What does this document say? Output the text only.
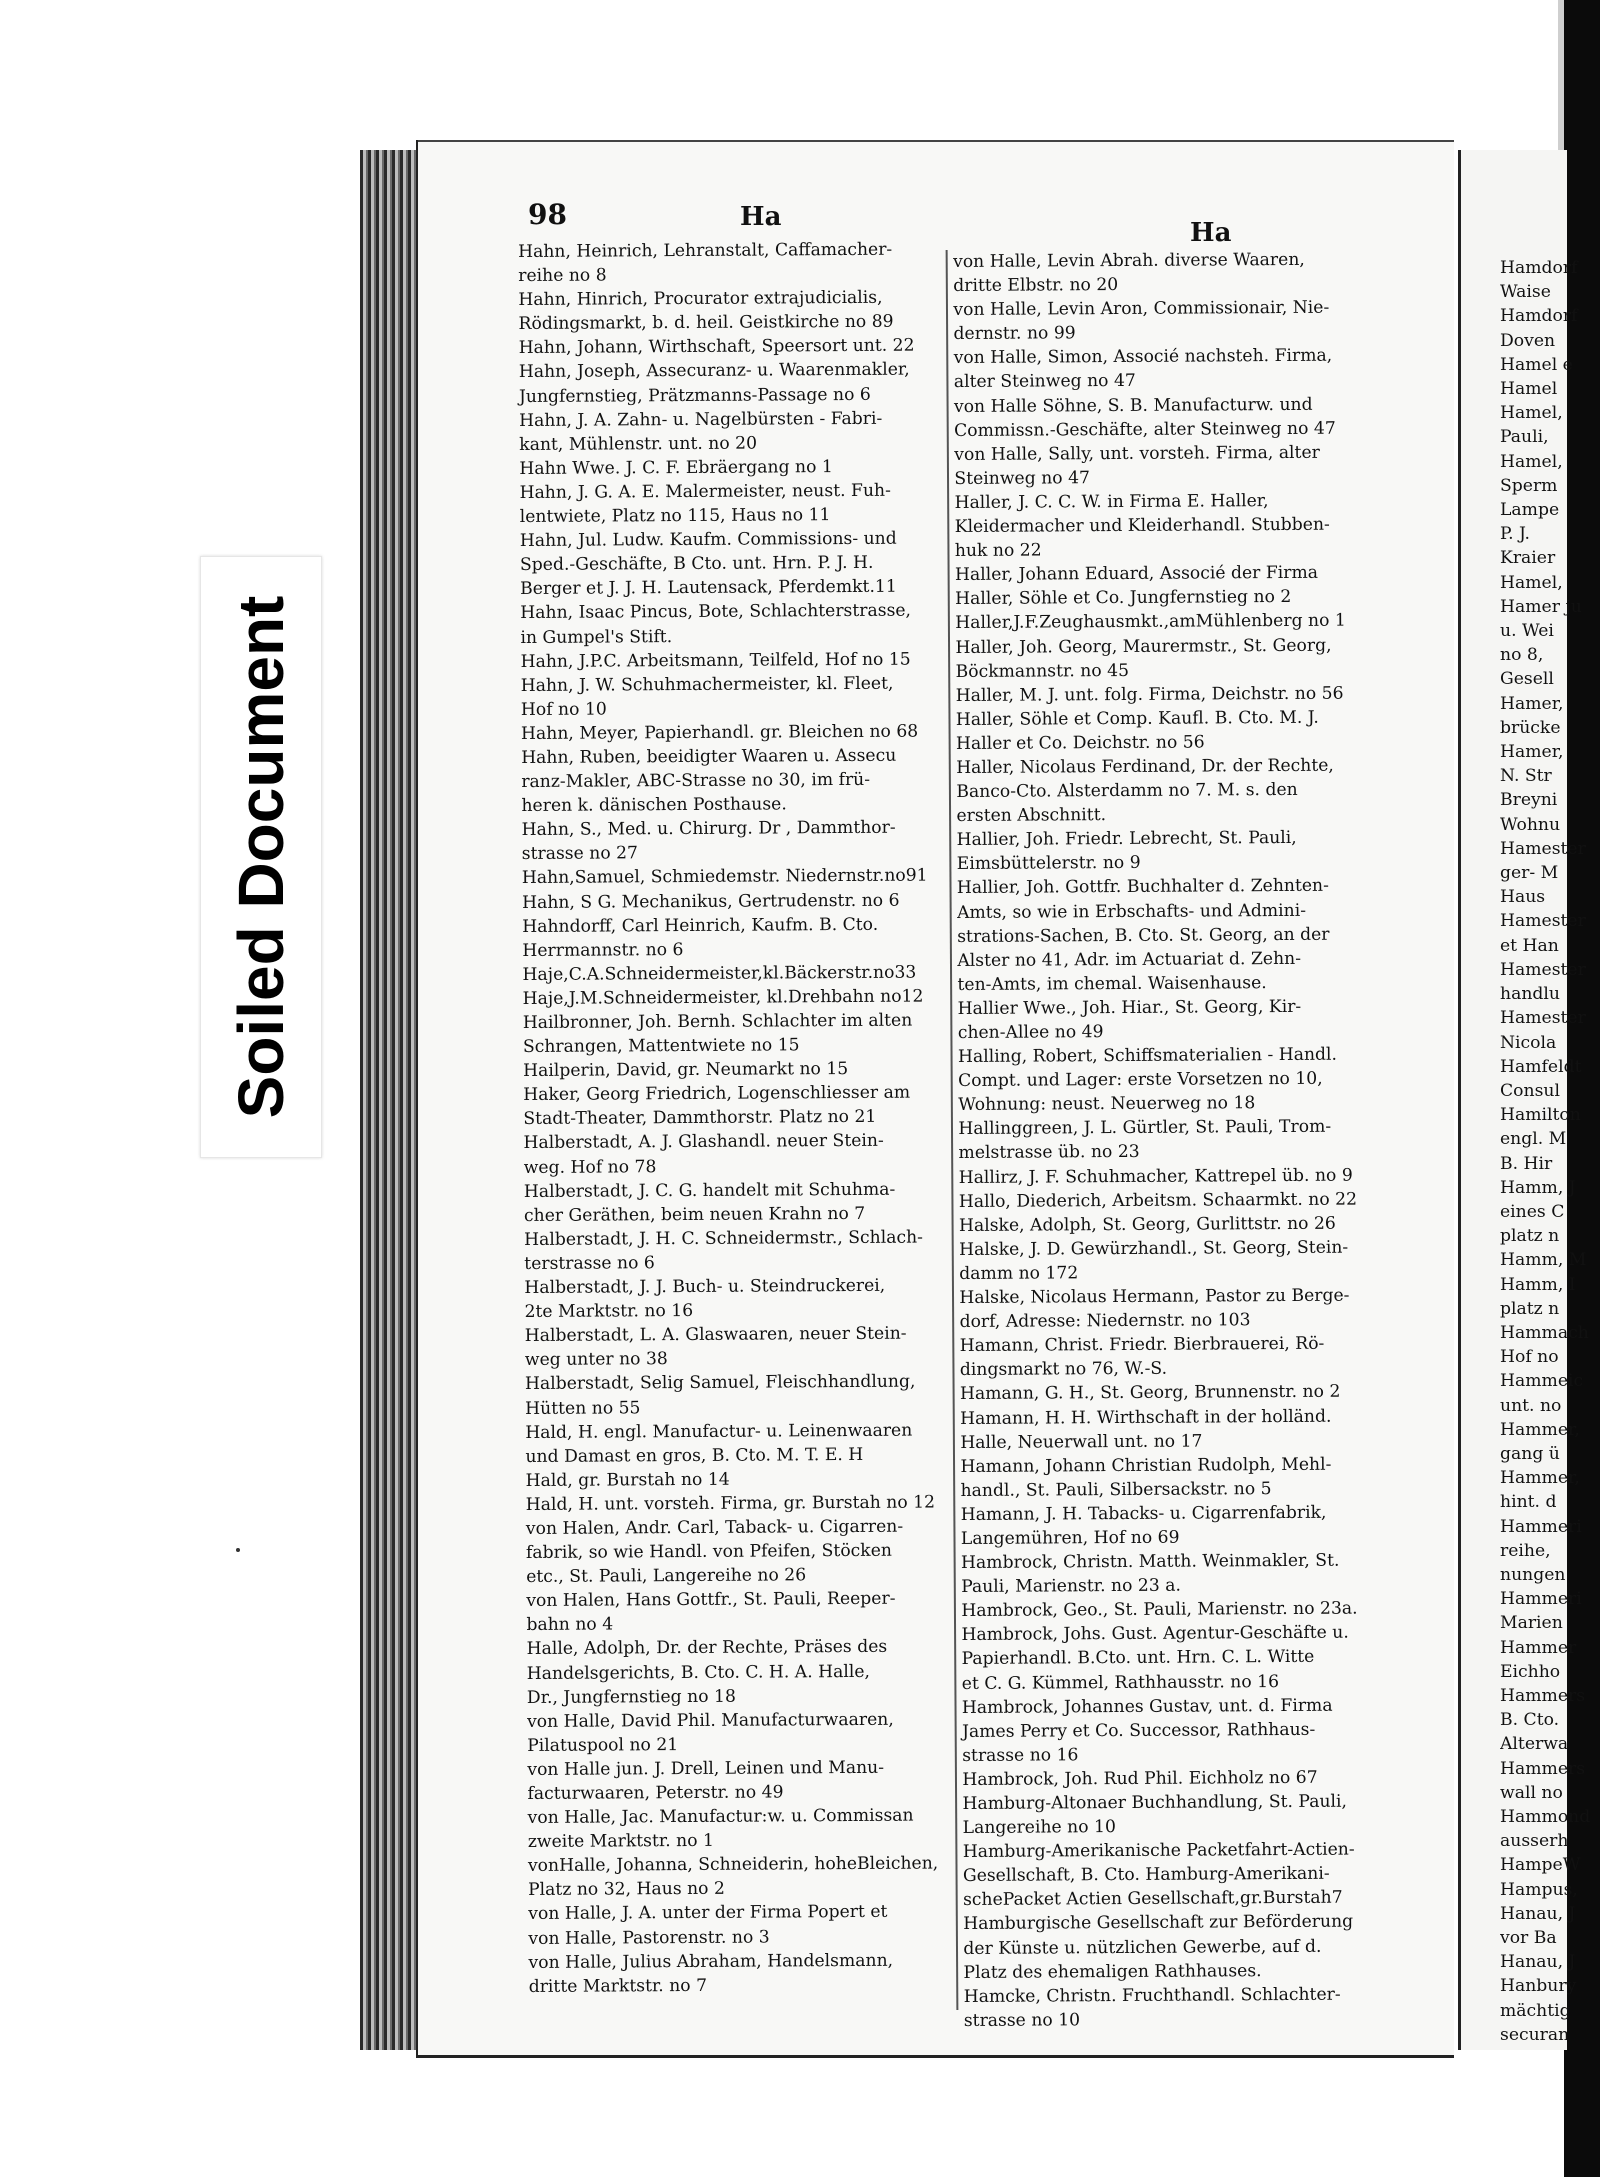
Soiled Document
98	Ha
Ha
Hahn, Heinrich, Lehranstalt, Caffamacher-
reihe no 8
Hahn, Hinrich, Procurator extrajudicialis,
Rödingsmarkt, b. d. heil. Geistkirche no 89
Hahn, Johann, Wirthschaft, Speersort unt. 22
Hahn, Joseph, Assecuranz- u. Waarenmakler,
Jungfernstieg, Prätzmanns-Passage no 6
Hahn, J. A. Zahn- u. Nagelbürsten - Fabri-
kant, Mühlenstr. unt. no 20
Hahn Wwe. J. C. F. Ebräergang no 1
Hahn, J. G. A. E. Malermeister, neust. Fuh-
lentwiete, Platz no 115, Haus no 11
Hahn, Jul. Ludw. Kaufm. Commissions- und
Sped.-Geschäfte, B Cto. unt. Hrn. P. J. H.
Berger et J. J. H. Lautensack, Pferdemkt.11
Hahn, Isaac Pincus, Bote, Schlachterstrasse,
in Gumpel's Stift.
Hahn, J.P.C. Arbeitsmann, Teilfeld, Hof no 15
Hahn, J. W. Schuhmachermeister, kl. Fleet,
Hof no 10
Hahn, Meyer, Papierhandl. gr. Bleichen no 68
Hahn, Ruben, beeidigter Waaren u. Assecu
ranz-Makler, ABC-Strasse no 30, im frü-
heren k. dänischen Posthause.
Hahn, S., Med. u. Chirurg. Dr , Dammthor-
strasse no 27
Hahn,Samuel, Schmiedemstr. Niedernstr.no91
Hahn, S G. Mechanikus, Gertrudenstr. no 6
Hahndorff, Carl Heinrich, Kaufm. B. Cto.
Herrmannstr. no 6
Haje,C.A.Schneidermeister,kl.Bäckerstr.no33
Haje,J.M.Schneidermeister, kl.Drehbahn no12
Hailbronner, Joh. Bernh. Schlachter im alten
Schrangen, Mattentwiete no 15
Hailperin, David, gr. Neumarkt no 15
Haker, Georg Friedrich, Logenschliesser am
Stadt-Theater, Dammthorstr. Platz no 21
Halberstadt, A. J. Glashandl. neuer Stein-
weg. Hof no 78
Halberstadt, J. C. G. handelt mit Schuhma-
cher Geräthen, beim neuen Krahn no 7
Halberstadt, J. H. C. Schneidermstr., Schlach-
terstrasse no 6
Halberstadt, J. J. Buch- u. Steindruckerei,
2te Marktstr. no 16
Halberstadt, L. A. Glaswaaren, neuer Stein-
weg unter no 38
Halberstadt, Selig Samuel, Fleischhandlung,
Hütten no 55
Hald, H. engl. Manufactur- u. Leinenwaaren
und Damast en gros, B. Cto. M. T. E. H
Hald, gr. Burstah no 14
Hald, H. unt. vorsteh. Firma, gr. Burstah no 12
von Halen, Andr. Carl, Taback- u. Cigarren-
fabrik, so wie Handl. von Pfeifen, Stöcken
etc., St. Pauli, Langereihe no 26
von Halen, Hans Gottfr., St. Pauli, Reeper-
bahn no 4
Halle, Adolph, Dr. der Rechte, Präses des
Handelsgerichts, B. Cto. C. H. A. Halle,
Dr., Jungfernstieg no 18
von Halle, David Phil. Manufacturwaaren,
Pilatuspool no 21
von Halle jun. J. Drell, Leinen und Manu-
facturwaaren, Peterstr. no 49
von Halle, Jac. Manufactur:w. u. Commissan
zweite Marktstr. no 1
vonHalle, Johanna, Schneiderin, hoheBleichen,
Platz no 32, Haus no 2
von Halle, J. A. unter der Firma Popert et
von Halle, Pastorenstr. no 3
von Halle, Julius Abraham, Handelsmann,
dritte Marktstr. no 7
von Halle, Levin Abrah. diverse Waaren,
dritte Elbstr. no 20
von Halle, Levin Aron, Commissionair, Nie-
dernstr. no 99
von Halle, Simon, Associé nachsteh. Firma,
alter Steinweg no 47
von Halle Söhne, S. B. Manufacturw. und
Commissn.-Geschäfte, alter Steinweg no 47
von Halle, Sally, unt. vorsteh. Firma, alter
Steinweg no 47
Haller, J. C. C. W. in Firma E. Haller,
Kleidermacher und Kleiderhandl. Stubben-
huk no 22
Haller, Johann Eduard, Associé der Firma
Haller, Söhle et Co. Jungfernstieg no 2
Haller,J.F.Zeughausmkt.,amMühlenberg no 1
Haller, Joh. Georg, Maurermstr., St. Georg,
Böckmannstr. no 45
Haller, M. J. unt. folg. Firma, Deichstr. no 56
Haller, Söhle et Comp. Kaufl. B. Cto. M. J.
Haller et Co. Deichstr. no 56
Haller, Nicolaus Ferdinand, Dr. der Rechte,
Banco-Cto. Alsterdamm no 7. M. s. den
ersten Abschnitt.
Hallier, Joh. Friedr. Lebrecht, St. Pauli,
Eimsbüttelerstr. no 9
Hallier, Joh. Gottfr. Buchhalter d. Zehnten-
Amts, so wie in Erbschafts- und Admini-
strations-Sachen, B. Cto. St. Georg, an der
Alster no 41, Adr. im Actuariat d. Zehn-
ten-Amts, im chemal. Waisenhause.
Hallier Wwe., Joh. Hiar., St. Georg, Kir-
chen-Allee no 49
Halling, Robert, Schiffsmaterialien - Handl.
Compt. und Lager: erste Vorsetzen no 10,
Wohnung: neust. Neuerweg no 18
Hallinggreen, J. L. Gürtler, St. Pauli, Trom-
melstrasse üb. no 23
Hallirz, J. F. Schuhmacher, Kattrepel üb. no 9
Hallo, Diederich, Arbeitsm. Schaarmkt. no 22
Halske, Adolph, St. Georg, Gurlittstr. no 26
Halske, J. D. Gewürzhandl., St. Georg, Stein-
damm no 172
Halske, Nicolaus Hermann, Pastor zu Berge-
dorf, Adresse: Niedernstr. no 103
Hamann, Christ. Friedr. Bierbrauerei, Rö-
dingsmarkt no 76, W.-S.
Hamann, G. H., St. Georg, Brunnenstr. no 2
Hamann, H. H. Wirthschaft in der holländ.
Halle, Neuerwall unt. no 17
Hamann, Johann Christian Rudolph, Mehl-
handl., St. Pauli, Silbersackstr. no 5
Hamann, J. H. Tabacks- u. Cigarrenfabrik,
Langemühren, Hof no 69
Hambrock, Christn. Matth. Weinmakler, St.
Pauli, Marienstr. no 23 a.
Hambrock, Geo., St. Pauli, Marienstr. no 23a.
Hambrock, Johs. Gust. Agentur-Geschäfte u.
Papierhandl. B.Cto. unt. Hrn. C. L. Witte
et C. G. Kümmel, Rathhausstr. no 16
Hambrock, Johannes Gustav, unt. d. Firma
James Perry et Co. Successor, Rathhaus-
strasse no 16
Hambrock, Joh. Rud Phil. Eichholz no 67
Hamburg-Altonaer Buchhandlung, St. Pauli,
Langereihe no 10
Hamburg-Amerikanische Packetfahrt-Actien-
Gesellschaft, B. Cto. Hamburg-Amerikani-
schePacket Actien Gesellschaft,gr.Burstah7
Hamburgische Gesellschaft zur Beförderung
der Künste u. nützlichen Gewerbe, auf d.
Platz des ehemaligen Rathhauses.
Hamcke, Christn. Fruchthandl. Schlachter-
strasse no 10
Hamdorf
Waise
Hamdorf
Doven
Hamel e
Hamel
Hamel,
Pauli,
Hamel,
Sperm
Lampe
P. J.
Kraier
Hamel,
Hamer ju
u. Wei
no 8,
Gesell
Hamer,
brücke
Hamer,
N. Str
Breyni
Wohnu
Hamester
ger- M
Haus
Hamester
et Han
Hamester
handlu
Hamester
Nicola
Hamfeldt
Consul
Hamilton
engl. M
B. Hir
Hamm, J
eines C
platz n
Hamm, M
Hamm, I
platz n
Hammach
Hof no
Hammeic
unt. no
Hammer,
gang ü
Hammer,
hint. d
Hammeri
reihe,
nungen
Hammeri
Marien
Hammer
Eichho
Hammers
B. Cto.
Alterwa
Hammers
wall no
Hammond
ausserh
HampeW
Hampus,
Hanau, J
vor Ba
Hanau, J
Hanbury
mächtig
securan
